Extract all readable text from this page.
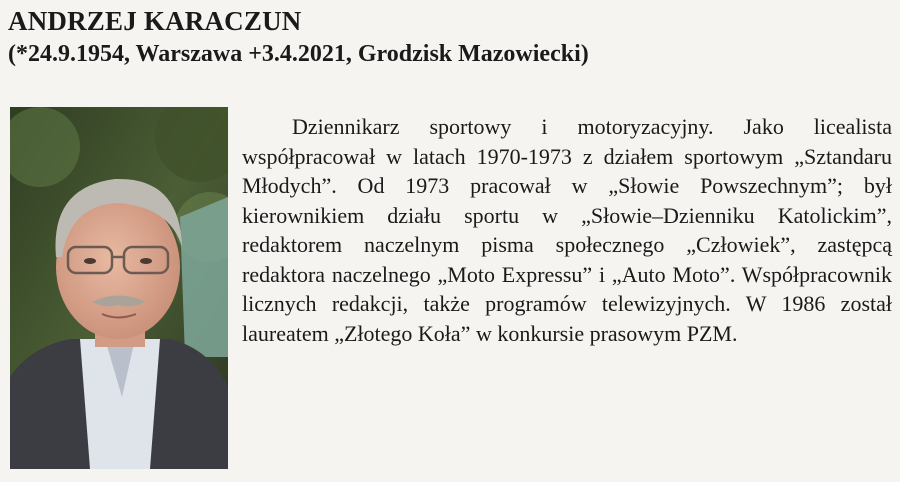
ANDRZEJ KARACZUN
(*24.9.1954, Warszawa +3.4.2021, Grodzisk Mazowiecki)

Dziennikarz sportowy i motoryzacyjny. Jako licealista współpracował w latach 1970-1973 z działem sportowym „Sztandaru Młodych”. Od 1973 pracował w „Słowie Powszechnym”; był kierownikiem działu sportu w „Słowie–Dzienniku Katolickim”, redaktorem naczelnym pisma społecznego „Człowiek”, zastępcą redaktora naczelnego „Moto Expressu” i „Auto Moto”. Współpracownik licznych redakcji, także programów telewizyjnych. W 1986 został laureatem „Złotego Koła” w konkursie prasowym PZM.
